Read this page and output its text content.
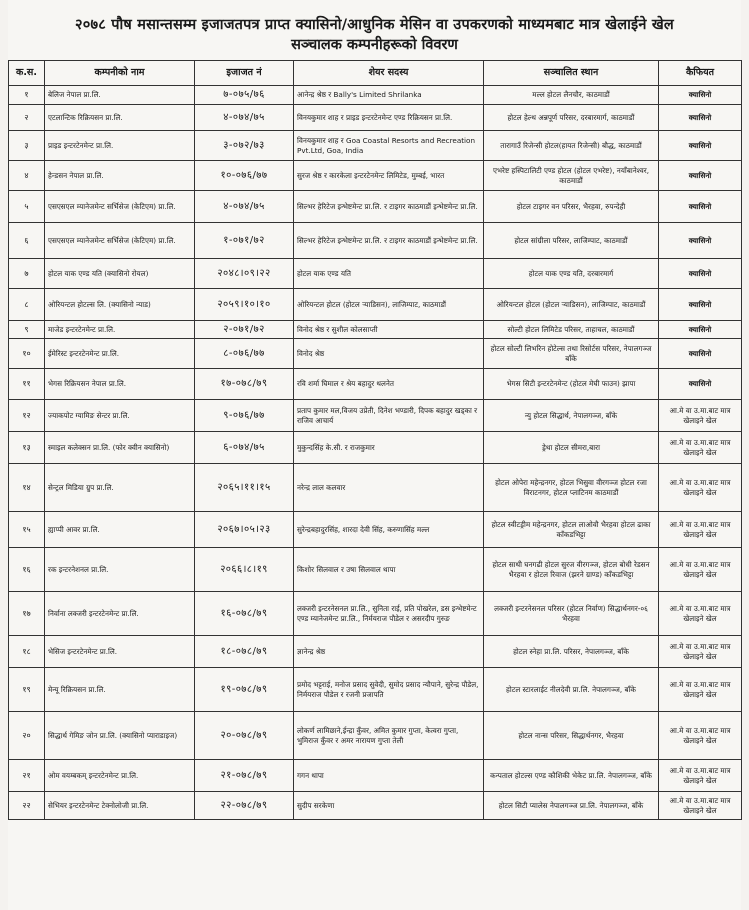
२०७८ पौष मसान्तसम्म इजाजतपत्र प्राप्त क्यासिनो/आधुनिक मेसिन वा उपकरणको माध्यमबाट मात्र खेलाईने खेल
सञ्चालक कम्पनीहरूको विवरण
क.स.	कम्पनीको नाम	इजाजत नं	शेयर सदस्य	सञ्चालित स्थान	कैफियत
१	बेलिज नेपाल प्रा.लि.	७-०७५/७६	आनेन्द्र श्रेष्ठ र Bally's Limited Shrilanka	मल्ल होटल लैनचौर, काठमाडौं	क्यासिनो
२	एटलान्टिक रिक्रियसन प्रा.लि.	४-०७४/७५	विनयकुमार शाह र प्राइड इन्टरटेनमेन्ट एण्ड रिक्रियसन प्रा.लि.	होटल हेल्थ अन्नपूर्ण परिसर, दरबारमार्ग, काठमाडौं	क्यासिनो
३	प्राइड इन्टरटेनमेन्ट प्रा.लि.	३-०७२/७३	विनयकुमार शाह र Goa Coastal Resorts and Recreation Pvt.Ltd, Goa, India	तारागाउँ रिजेन्सी होटल(हायत रिजेन्सी) बौद्ध, काठमाडौं	क्यासिनो
४	हेन्डसन नेपाल प्रा.लि.	१०-०७६/७७	सुरज श्रेष्ठ र कारकेला इन्टरटेनमेन्ट लिमिटेड, मुम्बई, भारत	एभरेष्ट हस्पिटालिटी एण्ड होटल (होटल एभरेष्ट), नयाँबानेश्वर, काठमाडौं	क्यासिनो
५	एसएसएल म्यानेजमेन्ट सर्भिसेज (केटिएम) प्रा.लि.	४-०७४/७५	सिल्भर हेरिटेज इन्भेष्टमेन्ट प्रा.लि. र टाइगर काठमाडौं इन्भेष्टमेन्ट प्रा.लि.	होटल टाइगर वन परिसर, भैरहवा, रुपन्देही	क्यासिनो
६	एसएसएल म्यानेजमेन्ट सर्भिसेज (केटिएम) प्रा.लि.	१-०७१/७२	सिल्भर हेरिटेज इन्भेष्टमेन्ट प्रा.लि. र टाइगर काठमाडौं इन्भेष्टमेन्ट प्रा.लि.	होटल सांग्रीला परिसर, लाजिम्पाट, काठमाडौं	क्यासिनो
७	होटल याक एण्ड यति (क्यासिनो रोयल)	२०४८।०९।२२	होटल याक एण्ड यति	होटल याक एण्ड यति, दरबारमार्ग	क्यासिनो
८	ओरियन्टल होटल्स लि. (क्यासिनो न्याड)	२०५९।१०।१०	ओरियन्टल होटल (होटल र्‍याडिसन), लाजिम्पाट, काठमाडौं	ओरियन्टल होटल (होटल र्‍याडिसन), लाजिम्पाट, काठमाडौं	क्यासिनो
९	माजेड इन्टरटेनमेन्ट प्रा.लि.	२-०७१/७२	विनोद श्रेष्ठ र सुशील कोलसाप्ती	सोल्टी होटल लिमिटेड परिसर, ताहाचल, काठमाडौं	क्यासिनो
१०	ईमेरिस्ट इन्टरटेनमेन्ट प्रा.लि.	८-०७६/७७	विनोद श्रेष्ठ	होटल सोल्टी लिभरिन होटेल्स तथा रिसोर्टस परिसर, नेपालगञ्ज बाँके	क्यासिनो
११	भेगस रिक्रियसन नेपाल प्रा.लि.	१७-०७८/७९	रवि शर्मा घिमाल र श्रेय बहादुर थलनेत	भेगस सिटी इन्टरटेनमेन्ट (होटल मेघी फाउन) झापा	क्यासिनो
१२	ज्याकपोट ग्यामिङ सेन्टर प्रा.लि.	९-०७६/७७	प्रताप कुमार मल,विजय उप्रेती, दिनेश भण्डारी, दिपक बहादुर खड्का र राजिव आचार्य	न्यु होटल सिद्धार्थ, नेपालगञ्ज, बाँके	आ.मे वा उ.मा.बाट मात्र खेलाइने खेल
१३	स्माइल कलेक्सन प्रा.लि. (फोर क्वीन क्यासिनो)	६-०७४/७५	मुकुन्दसिंह के.सी. र राजकुमार	ड्रेथा होटल सीमरा,बारा	आ.मे वा उ.मा.बाट मात्र खेलाइने खेल
१४	सेन्ट्रल मिडिया ग्रुप प्रा.लि.	२०६५।११।१५	नरेन्द्र लाल कलवार	होटल ओपेरा महेन्द्रनगर, होटल भिसुवा वीरगञ्ज होटल रजा विराटनगर, होटल प्लाटिनम काठमाडौं	आ.मे वा उ.मा.बाट मात्र खेलाइने खेल
१५	ह्याप्पी आवर प्रा.लि.	२०६७।०५।२३	सुरेन्द्रबहादुरसिंह, शारदा देवी सिंह, करुणासिंह मल्ल	होटल स्वीटड्रीम महेन्द्रनगर, होटल लाओवौ भैरहवा होटल ढाका काँकडभिट्टा	आ.मे वा उ.मा.बाट मात्र खेलाइने खेल
१६	रक इन्टरनेशनल प्रा.लि.	२०६६।८।१९	किशोर सिलवाल र उषा सिलवाल थापा	होटल साथी घनगढी होटल सुरज वीरगञ्ज, होटल बोधी रेडसन भैरहवा र होटल रिवाज (झरने ग्राण्ड) काँकडभिट्टा	आ.मे वा उ.मा.बाट मात्र खेलाइने खेल
१७	निर्वाना लक्जरी इन्टरटेनमेन्ट प्रा.लि.	१६-०७८/७९	लक्जरी इन्टरनेसनल प्रा.लि., सुनिता राई, प्रति पोखरेल, डस इन्भेष्टमेन्ट एण्ड म्यानेजमेन्ट प्रा.लि., निर्मयराज पौडेल र असरदीप गुरुङ	लक्जरी इन्टरनेसनल परिसर (होटल निर्वाण) सिद्धार्थनगर-०६ भैरहवा	आ.मे वा उ.मा.बाट मात्र खेलाइने खेल
१८	भेसिज इन्टरटेनमेन्ट प्रा.लि.	१८-०७८/७९	ज्ञानेन्द्र श्रेष्ठ	होटल स्नेहा प्रा.लि. परिसर, नेपालगञ्ज, बाँके	आ.मे वा उ.मा.बाट मात्र खेलाइने खेल
१९	मेन्यू रिक्रियसन प्रा.लि.	१९-०७८/७९	प्रमोद भट्टराई, मनोज प्रसाद सुवेदी, सुमोद प्रसाद न्यौपाने, सुरेन्द्र पौडेल, निर्मयराज पौडेल र रजनी प्रजापति	होटल स्टारलाईट नीलदेवी प्रा.लि. नेपालगञ्ज, बाँके	आ.मे वा उ.मा.बाट मात्र खेलाइने खेल
२०	सिद्धार्थ गेमिङ जोन प्रा.लि. (क्यासिनो प्याराडाइज)	२०-०७८/७९	लोकर्ण लामिछाने,ईन्द्रा कुँवर, अमित कुमार गुप्ता, केत्वरा गुप्ता, भुमिराज कुँवर र अमर नारायण गुप्ता तेली	होटल नान्स परिसर, सिद्धार्थनगर, भैरहवा	आ.मे वा उ.मा.बाट मात्र खेलाइने खेल
२१	ओम वयम्बकम् इन्टरटेनमेन्ट प्रा.लि.	२१-०७८/७९	गगन थापा	कन्पताल होटल्स एण्ड कौशिकी भेकेट प्रा.लि. नेपालगञ्ज, बाँके	आ.मे वा उ.मा.बाट मात्र खेलाइने खेल
२२	सेभियर इन्टरटेनमेन्ट टेक्नोलोजी प्रा.लि.	२२-०७८/७९	सुदीप सरकेणा	होटल सिटी प्यालेस नेपालगञ्ज प्रा.लि. नेपालगञ्ज, बाँके	आ.मे वा उ.मा.बाट मात्र खेलाइने खेल
